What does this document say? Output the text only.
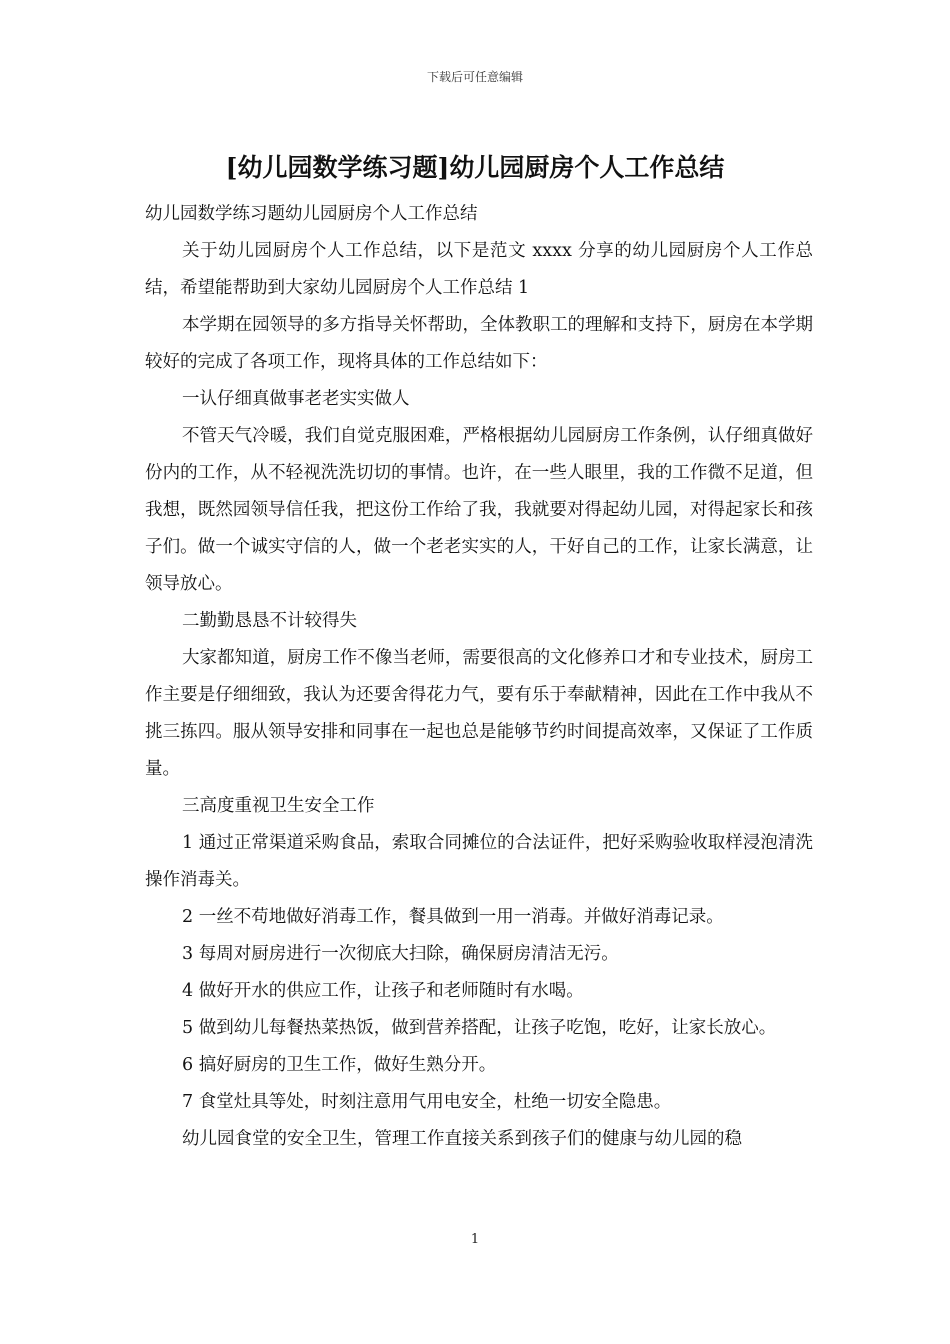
下载后可任意编辑
[幼儿园数学练习题]幼儿园厨房个人工作总结

幼儿园数学练习题幼儿园厨房个人工作总结

关于幼儿园厨房个人工作总结，以下是范文 xxxx 分享的幼儿园厨房个人工作总结，希望能帮助到大家幼儿园厨房个人工作总结 1

本学期在园领导的多方指导关怀帮助，全体教职工的理解和支持下，厨房在本学期较好的完成了各项工作，现将具体的工作总结如下：

一认仔细真做事老老实实做人

不管天气冷暖，我们自觉克服困难，严格根据幼儿园厨房工作条例，认仔细真做好份内的工作，从不轻视洗洗切切的事情。也许，在一些人眼里，我的工作微不足道，但我想，既然园领导信任我，把这份工作给了我，我就要对得起幼儿园，对得起家长和孩子们。做一个诚实守信的人，做一个老老实实的人，干好自己的工作，让家长满意，让领导放心。

二勤勤恳恳不计较得失

大家都知道，厨房工作不像当老师，需要很高的文化修养口才和专业技术，厨房工作主要是仔细细致，我认为还要舍得花力气，要有乐于奉献精神，因此在工作中我从不挑三拣四。服从领导安排和同事在一起也总是能够节约时间提高效率，又保证了工作质量。

三高度重视卫生安全工作

1 通过正常渠道采购食品，索取合同摊位的合法证件，把好采购验收取样浸泡清洗操作消毒关。

2 一丝不苟地做好消毒工作，餐具做到一用一消毒。并做好消毒记录。

3 每周对厨房进行一次彻底大扫除，确保厨房清洁无污。

4 做好开水的供应工作，让孩子和老师随时有水喝。

5 做到幼儿每餐热菜热饭，做到营养搭配，让孩子吃饱，吃好，让家长放心。

6 搞好厨房的卫生工作，做好生熟分开。

7 食堂灶具等处，时刻注意用气用电安全，杜绝一切安全隐患。

幼儿园食堂的安全卫生，管理工作直接关系到孩子们的健康与幼儿园的稳

1
